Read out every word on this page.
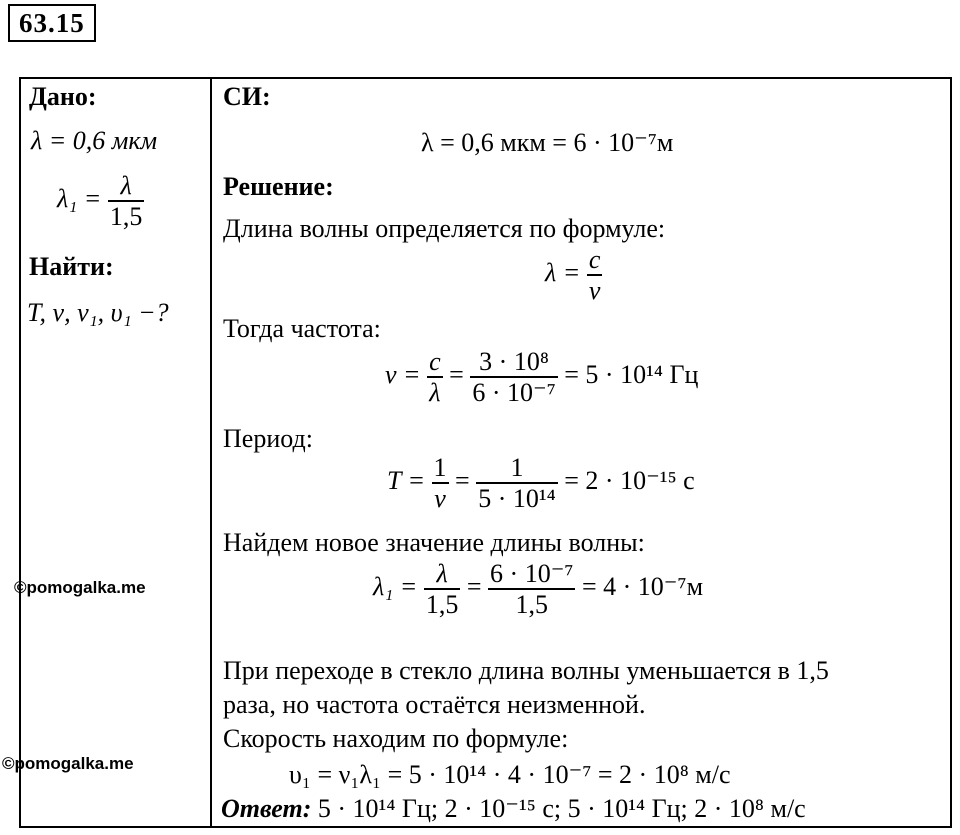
63.15
Дано:
λ = 0,6 мкм
$\lambda_1 = \frac{\lambda}{1,5}$
Найти:
T, ν, ν₁, υ₁ −?
СИ:
λ = 0,6 мкм = 6 · 10⁻⁷м
Решение:
Длина волны определяется по формуле:
$\lambda = \frac{c}{\nu}$
Тогда частота:
$\nu = \frac{c}{\lambda} = \frac{\text{3 · 10⁸}}{\text{6 · 10⁻⁷}} = 5 \cdot 10^{14}$ Гц
Период:
$T = \frac{1}{\nu} = \frac{1}{\text{5 · 10¹⁴}} = 2 \cdot 10^{-15}$ с
Найдем новое значение длины волны:
$\lambda_1 = \frac{\lambda}{1,5} = \frac{\text{6 · 10⁻⁷}}{1,5} = 4 \cdot 10^{-7}м$
При переходе в стекло длина волны уменьшается в 1,5
раза, но частота остаётся неизменной.
Скорость находим по формуле:
υ₁ = ν₁λ₁ = 5 · 10¹⁴ · 4 · 10⁻⁷ = 2 · 10⁸ м/с
Ответ: 5 · 10¹⁴ Гц; 2 · 10⁻¹⁵ с; 5 · 10¹⁴ Гц; 2 · 10⁸ м/с
©pomogalka.me
©pomogalka.me
